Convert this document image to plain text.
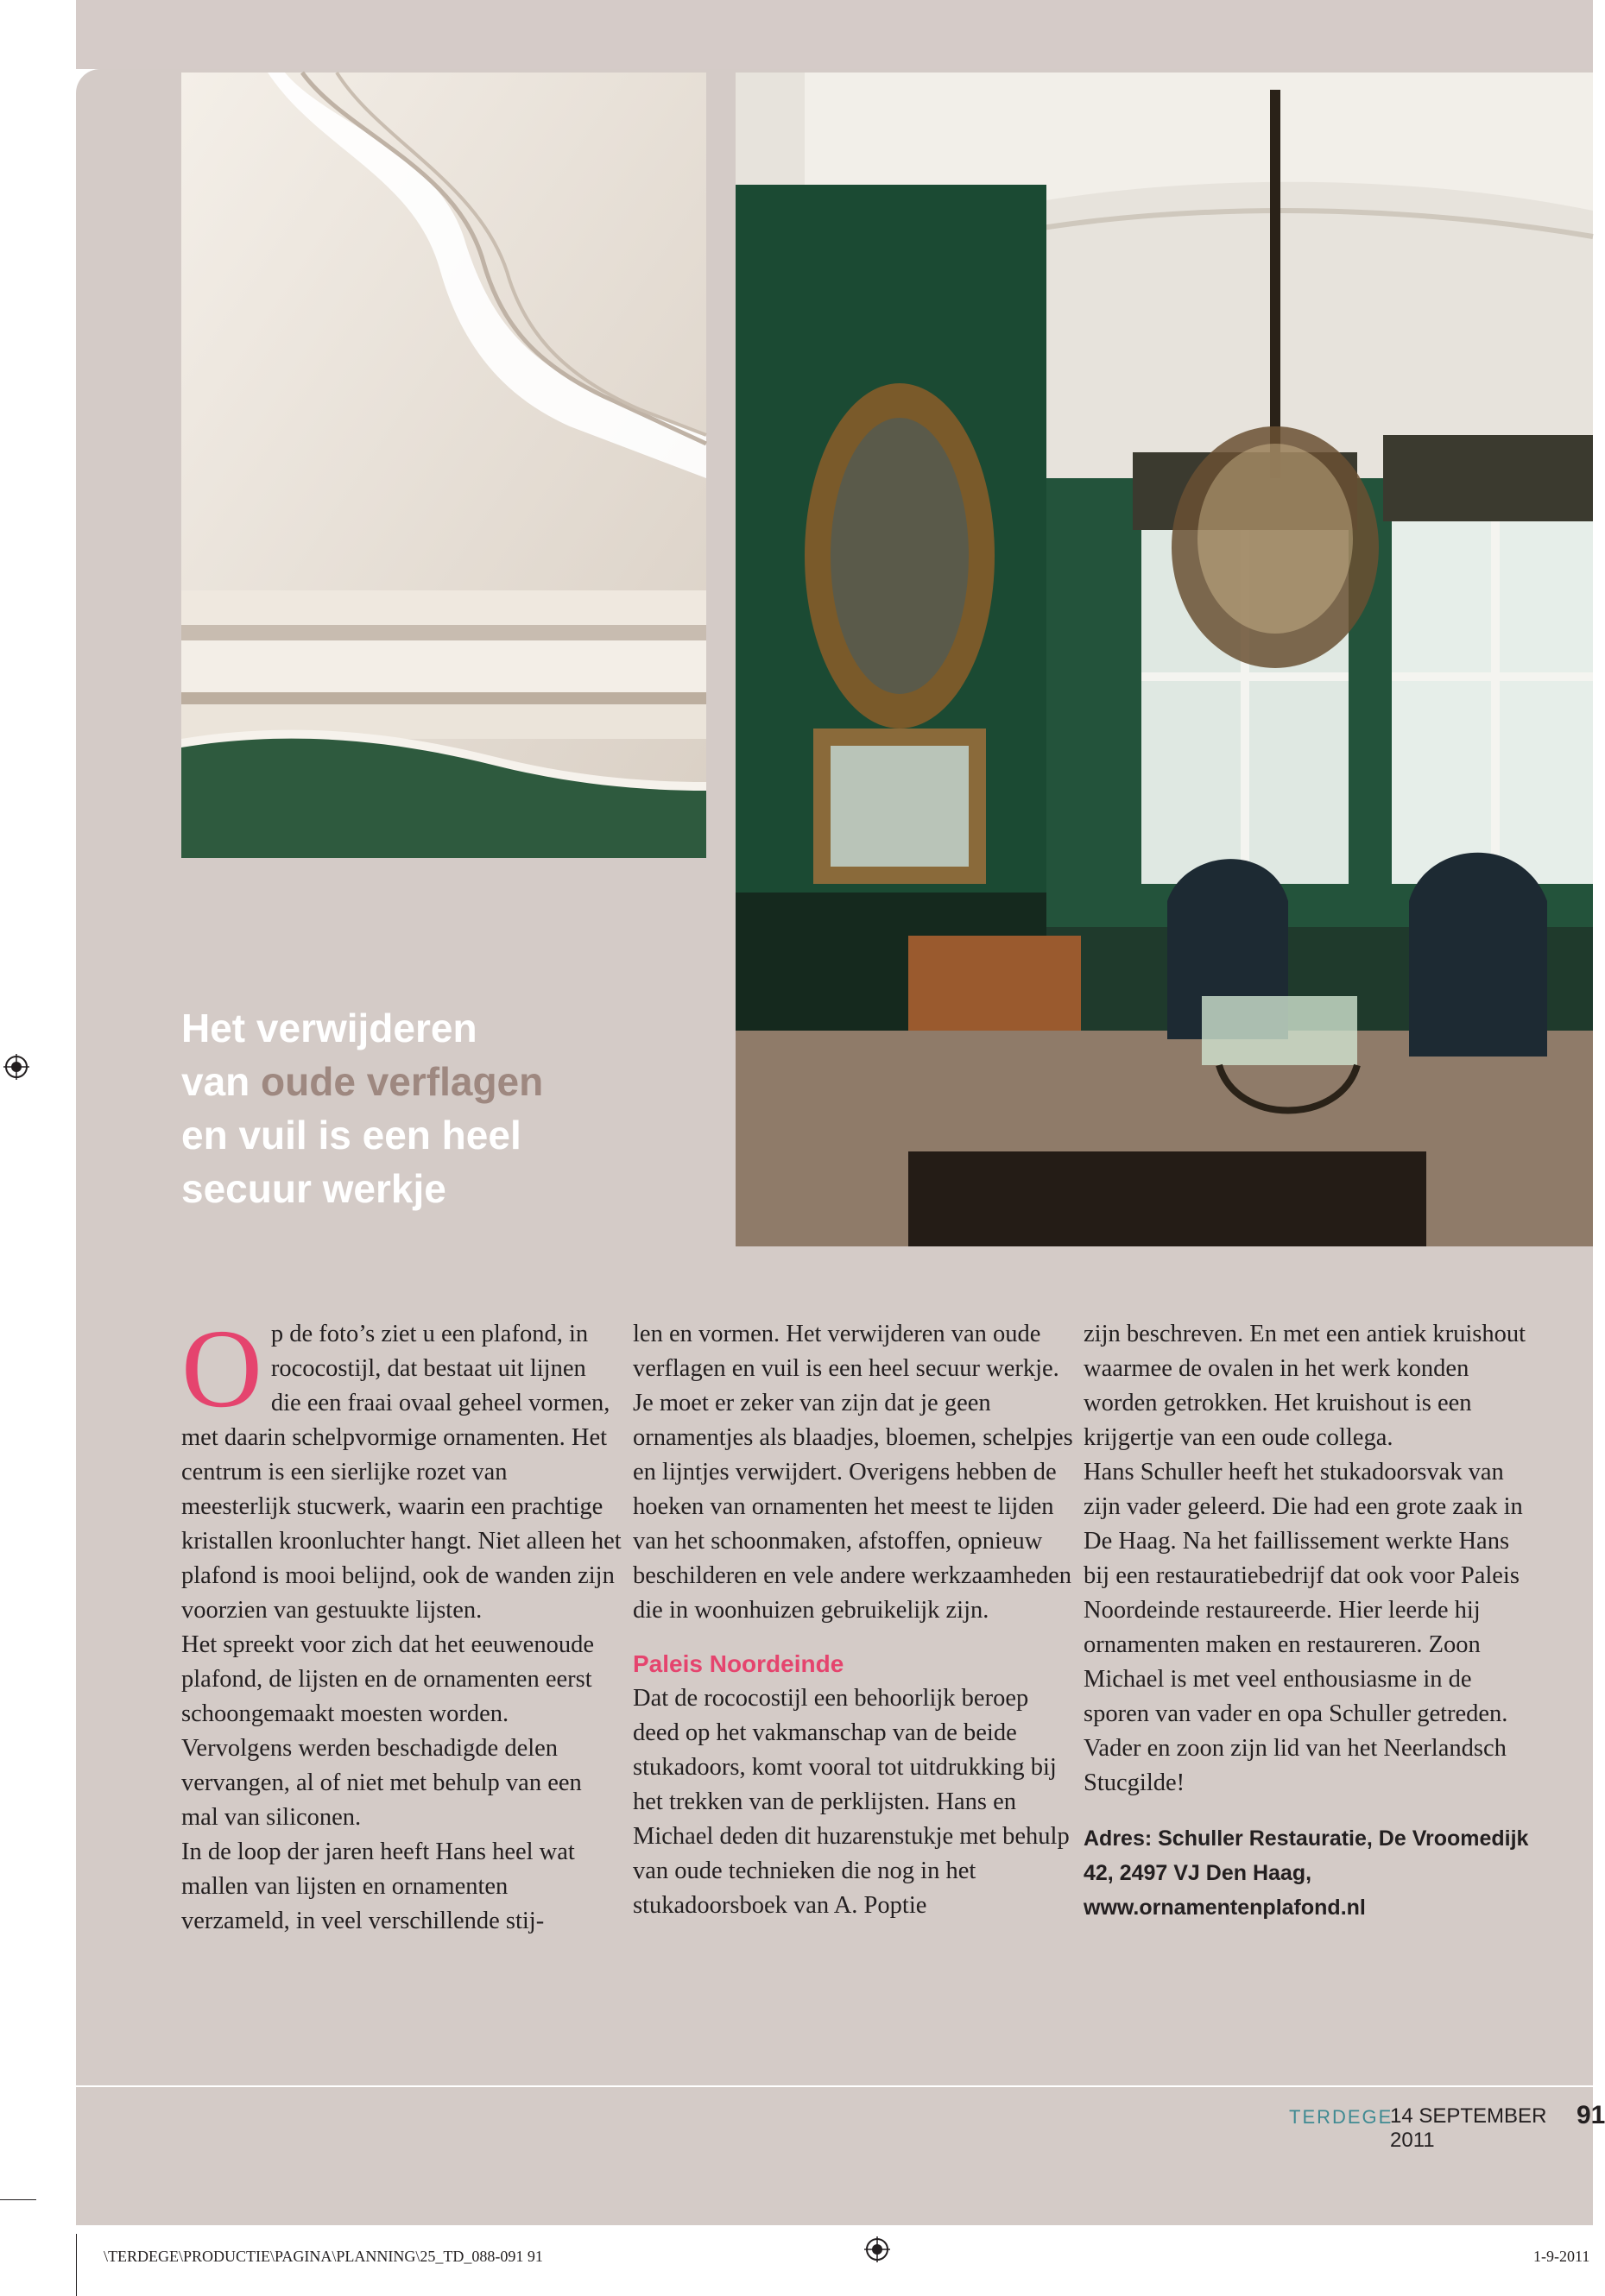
Het verwijderen
van oude verflagen
en vuil is een heel
secuur werkje
O p de foto’s ziet u een plafond, in rococostijl, dat bestaat uit lijnen die een fraai ovaal geheel vormen, met daarin schelpvormige ornamenten. Het centrum is een sierlijke rozet van meesterlijk stucwerk, waarin een prachtige kristallen kroonluchter hangt. Niet alleen het plafond is mooi belijnd, ook de wanden zijn voorzien van gestuukte lijsten.

Het spreekt voor zich dat het eeuwenoude plafond, de lijsten en de ornamenten eerst schoongemaakt moesten worden. Vervolgens werden beschadigde delen vervangen, al of niet met behulp van een mal van siliconen.

In de loop der jaren heeft Hans heel wat mallen van lijsten en ornamenten verzameld, in veel verschillende stij-

len en vormen. Het verwijderen van oude verflagen en vuil is een heel secuur werkje. Je moet er zeker van zijn dat je geen ornamentjes als blaadjes, bloemen, schelpjes en lijntjes verwijdert. Overigens hebben de hoeken van ornamenten het meest te lijden van het schoonmaken, afstoffen, opnieuw beschilderen en vele andere werkzaamheden die in woonhuizen gebruikelijk zijn.

Paleis Noordeinde

Dat de rococostijl een behoorlijk beroep deed op het vakmanschap van de beide stukadoors, komt vooral tot uitdrukking bij het trekken van de perklijsten. Hans en Michael deden dit huzarenstukje met behulp van oude technieken die nog in het stukadoorsboek van A. Poptie

zijn beschreven. En met een antiek kruishout waarmee de ovalen in het werk konden worden getrokken. Het kruishout is een krijgertje van een oude collega.

Hans Schuller heeft het stukadoorsvak van zijn vader geleerd. Die had een grote zaak in De Haag. Na het faillissement werkte Hans bij een restauratiebedrijf dat ook voor Paleis Noordeinde restaureerde. Hier leerde hij ornamenten maken en restaureren. Zoon Michael is met veel enthousiasme in de sporen van vader en opa Schuller getreden. Vader en zoon zijn lid van het Neerlandsch Stucgilde!

Adres: Schuller Restauratie, De Vroomedijk 42, 2497 VJ Den Haag, www.ornamentenplafond.nl

TERDEGE
14 SEPTEMBER 2011
91
\TERDEGE\PRODUCTIE\PAGINA\PLANNING\25_TD_088-091 91	1-9-2011
